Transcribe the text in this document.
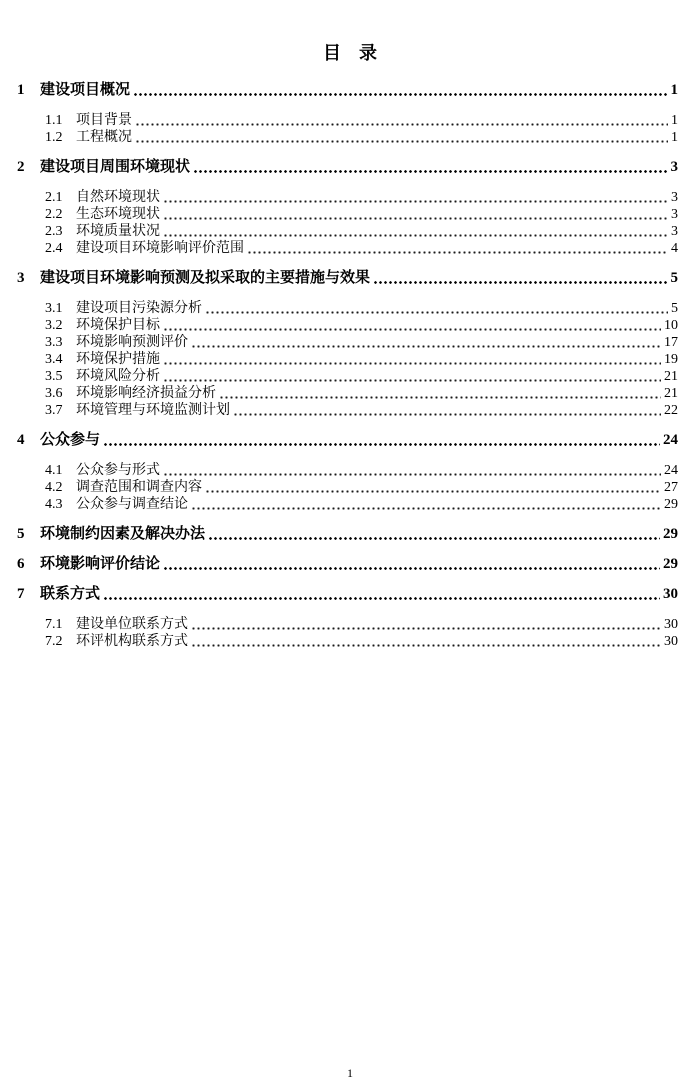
目　录
1	建设项目概况	1
1.1 项目背景	1
1.2 工程概况	1
2	建设项目周围环境现状	3
2.1 自然环境现状	3
2.2 生态环境现状	3
2.3 环境质量状况	3
2.4 建设项目环境影响评价范围	4
3	建设项目环境影响预测及拟采取的主要措施与效果	5
3.1 建设项目污染源分析	5
3.2 环境保护目标	10
3.3 环境影响预测评价	17
3.4 环境保护措施	19
3.5 环境风险分析	21
3.6 环境影响经济损益分析	21
3.7 环境管理与环境监测计划	22
4	公众参与	24
4.1 公众参与形式	24
4.2 调查范围和调查内容	27
4.3 公众参与调查结论	29
5	环境制约因素及解决办法	29
6	环境影响评价结论	29
7	联系方式	30
7.1 建设单位联系方式	30
7.2 环评机构联系方式	30
1
